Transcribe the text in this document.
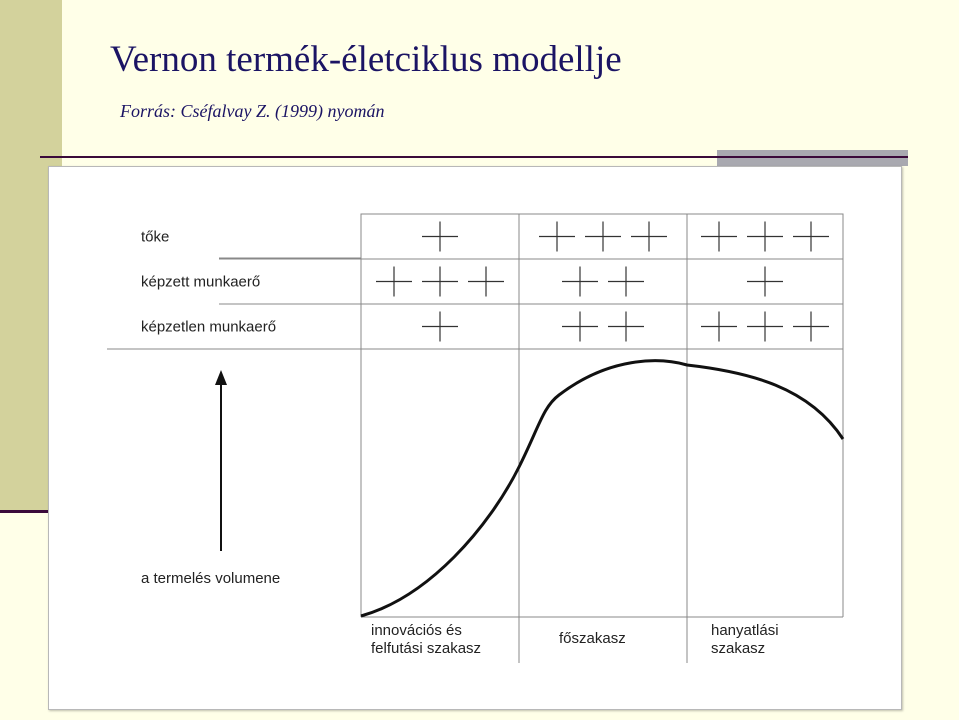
Vernon termék-életciklus modellje

Forrás: Cséfalvay Z. (1999) nyomán

tőke
képzett munkaerő
képzetlen munkaerő
a termelés volumene
innovációs és
felfutási szakasz
főszakasz	hanyatlási
szakasz
